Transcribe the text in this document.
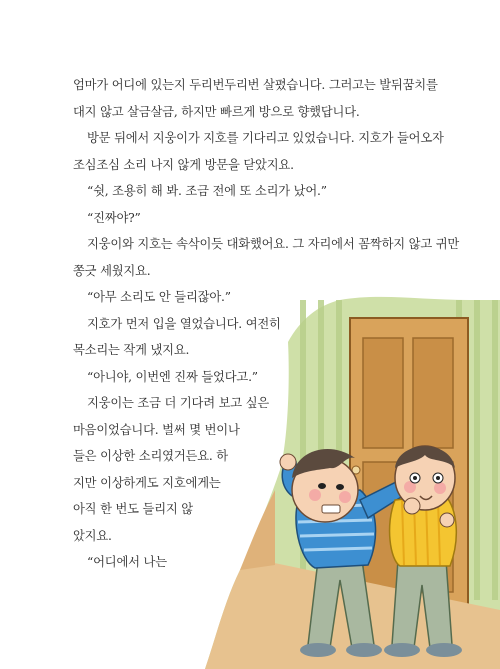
엄마가 어디에 있는지 두리번두리번 살폈습니다. 그러고는 발뒤꿈치를
대지 않고 살금살금, 하지만 빠르게 방으로 향했답니다.
방문 뒤에서 지웅이가 지호를 기다리고 있었습니다. 지호가 들어오자
조심조심 소리 나지 않게 방문을 닫았지요.
“쉿, 조용히 해 봐. 조금 전에 또 소리가 났어.”
“진짜야?”
지웅이와 지호는 속삭이듯 대화했어요. 그 자리에서 꼼짝하지 않고 귀만
쫑긋 세웠지요.
“아무 소리도 안 들리잖아.”
지호가 먼저 입을 열었습니다. 여전히
목소리는 작게 냈지요.
“아니야, 이번엔 진짜 들었다고.”
지웅이는 조금 더 기다려 보고 싶은
마음이었습니다. 벌써 몇 번이나
들은 이상한 소리였거든요. 하
지만 이상하게도 지호에게는
아직 한 번도 들리지 않
았지요.
“어디에서 나는
